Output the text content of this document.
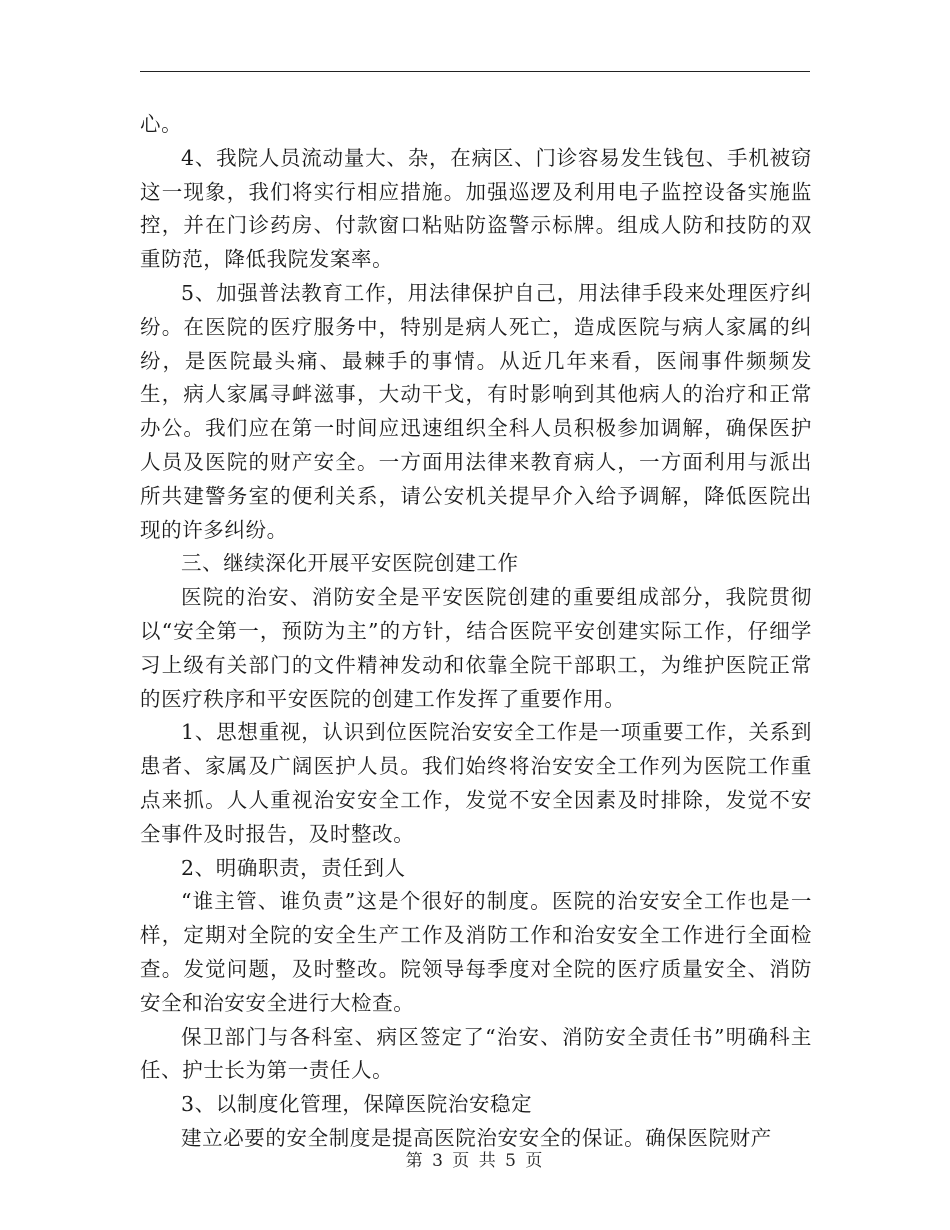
心。

4、我院人员流动量大、杂，在病区、门诊容易发生钱包、手机被窃这一现象，我们将实行相应措施。加强巡逻及利用电子监控设备实施监控，并在门诊药房、付款窗口粘贴防盗警示标牌。组成人防和技防的双重防范，降低我院发案率。

5、加强普法教育工作，用法律保护自己，用法律手段来处理医疗纠纷。在医院的医疗服务中，特别是病人死亡，造成医院与病人家属的纠纷，是医院最头痛、最棘手的事情。从近几年来看，医闹事件频频发生，病人家属寻衅滋事，大动干戈，有时影响到其他病人的治疗和正常办公。我们应在第一时间应迅速组织全科人员积极参加调解，确保医护人员及医院的财产安全。一方面用法律来教育病人，一方面利用与派出所共建警务室的便利关系，请公安机关提早介入给予调解，降低医院出现的许多纠纷。

三、继续深化开展平安医院创建工作

医院的治安、消防安全是平安医院创建的重要组成部分，我院贯彻以“安全第一，预防为主”的方针，结合医院平安创建实际工作，仔细学习上级有关部门的文件精神发动和依靠全院干部职工，为维护医院正常的医疗秩序和平安医院的创建工作发挥了重要作用。

1、思想重视，认识到位医院治安安全工作是一项重要工作，关系到患者、家属及广阔医护人员。我们始终将治安安全工作列为医院工作重点来抓。人人重视治安安全工作，发觉不安全因素及时排除，发觉不安全事件及时报告，及时整改。

2、明确职责，责任到人

“谁主管、谁负责”这是个很好的制度。医院的治安安全工作也是一样，定期对全院的安全生产工作及消防工作和治安安全工作进行全面检查。发觉问题，及时整改。院领导每季度对全院的医疗质量安全、消防安全和治安安全进行大检查。

保卫部门与各科室、病区签定了“治安、消防安全责任书”明确科主任、护士长为第一责任人。

3、以制度化管理，保障医院治安稳定

建立必要的安全制度是提高医院治安安全的保证。确保医院财产

第 3 页 共 5 页
